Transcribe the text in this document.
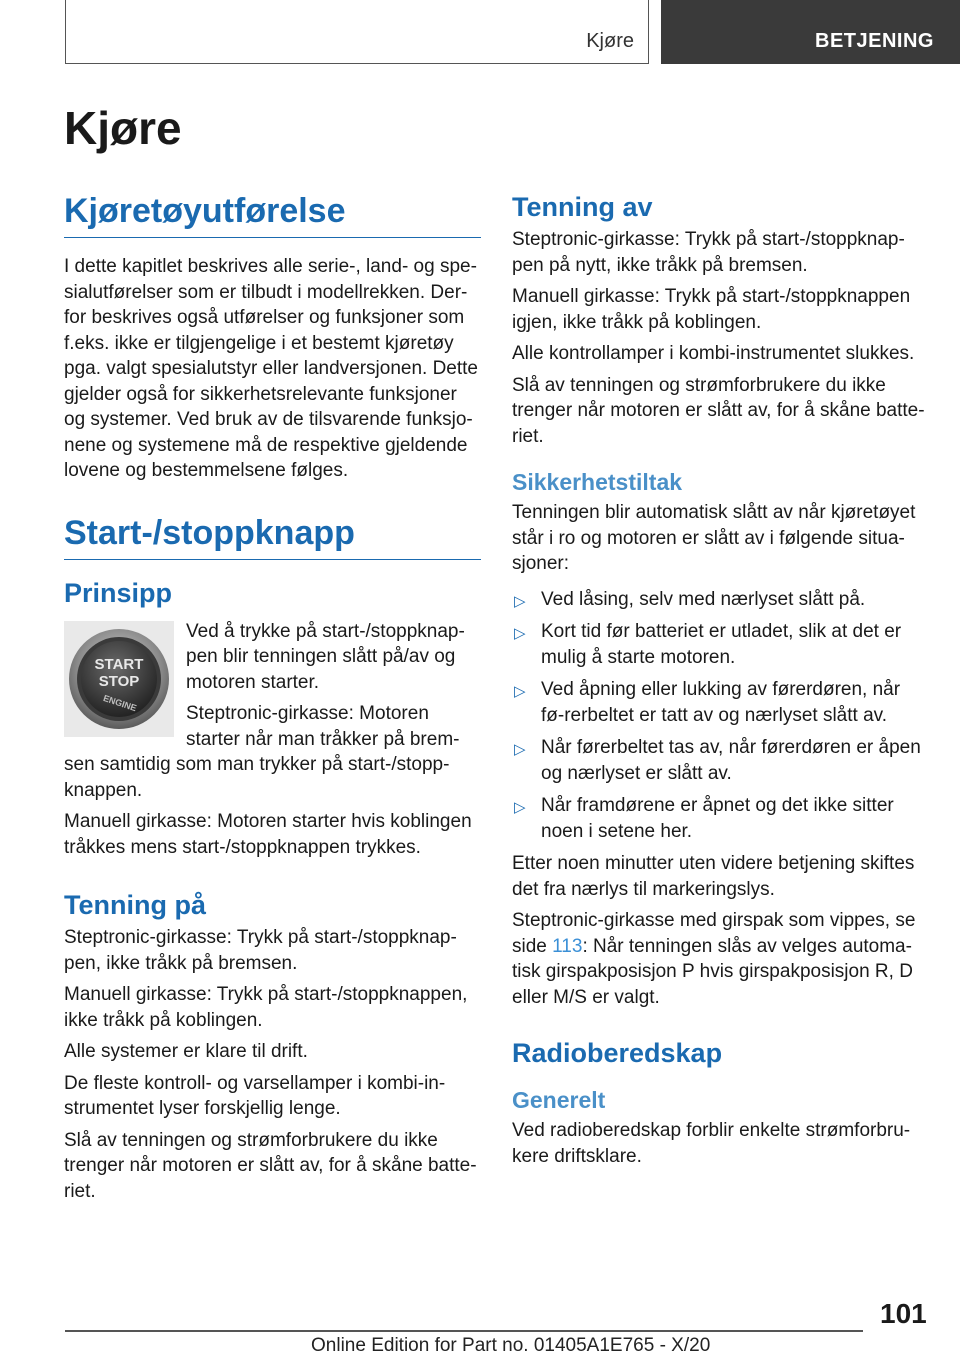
Kjøre	BETJENING
Kjøre
Kjøretøyutførelse

I dette kapitlet beskrives alle serie-, land- og spe-sialutførelser som er tilbudt i modellrekken. Der-for beskrives også utførelser og funksjoner som f.eks. ikke er tilgjengelige i et bestemt kjøretøy pga. valgt spesialutstyr eller landversjonen. Dette gjelder også for sikkerhetsrelevante funksjoner og systemer. Ved bruk av de tilsvarende funksjo-nene og systemene må de respektive gjeldende lovene og bestemmelsene følges.

Start-/stoppknapp
Prinsipp
START
STOP
ENGINE

Ved å trykke på start-/stoppknap-pen blir tenningen slått på/av og motoren starter.

Steptronic-girkasse: Motoren starter når man tråkker på brem-sen samtidig som man trykker på start-/stopp-knappen.

Manuell girkasse: Motoren starter hvis koblingen tråkkes mens start-/stoppknappen trykkes.

Tenning på

Steptronic-girkasse: Trykk på start-/stoppknap-pen, ikke tråkk på bremsen.

Manuell girkasse: Trykk på start-/stoppknappen, ikke tråkk på koblingen.

Alle systemer er klare til drift.

De fleste kontroll- og varsellamper i kombi-in-strumentet lyser forskjellig lenge.

Slå av tenningen og strømforbrukere du ikke trenger når motoren er slått av, for å skåne batte-riet.

Tenning av

Steptronic-girkasse: Trykk på start-/stoppknap-pen på nytt, ikke tråkk på bremsen.

Manuell girkasse: Trykk på start-/stoppknappen igjen, ikke tråkk på koblingen.

Alle kontrollamper i kombi-instrumentet slukkes.

Slå av tenningen og strømforbrukere du ikke trenger når motoren er slått av, for å skåne batte-riet.

Sikkerhetstiltak

Tenningen blir automatisk slått av når kjøretøyet står i ro og motoren er slått av i følgende situa-sjoner:

▷ Ved låsing, selv med nærlyset slått på.
▷ Kort tid før batteriet er utladet, slik at det er mulig å starte motoren.
▷ Ved åpning eller lukking av førerdøren, når fø-rerbeltet er tatt av og nærlyset slått av.
▷ Når førerbeltet tas av, når førerdøren er åpen og nærlyset er slått av.
▷ Når framdørene er åpnet og det ikke sitter noen i setene her.

Etter noen minutter uten videre betjening skiftes det fra nærlys til markeringslys.

Steptronic-girkasse med girspak som vippes, se side 113: Når tenningen slås av velges automa-tisk girspakposisjon P hvis girspakposisjon R, D eller M/S er valgt.

Radioberedskap
Generelt

Ved radioberedskap forblir enkelte strømforbru-kere driftsklare.

101
Online Edition for Part no. 01405A1E765 - X/20
